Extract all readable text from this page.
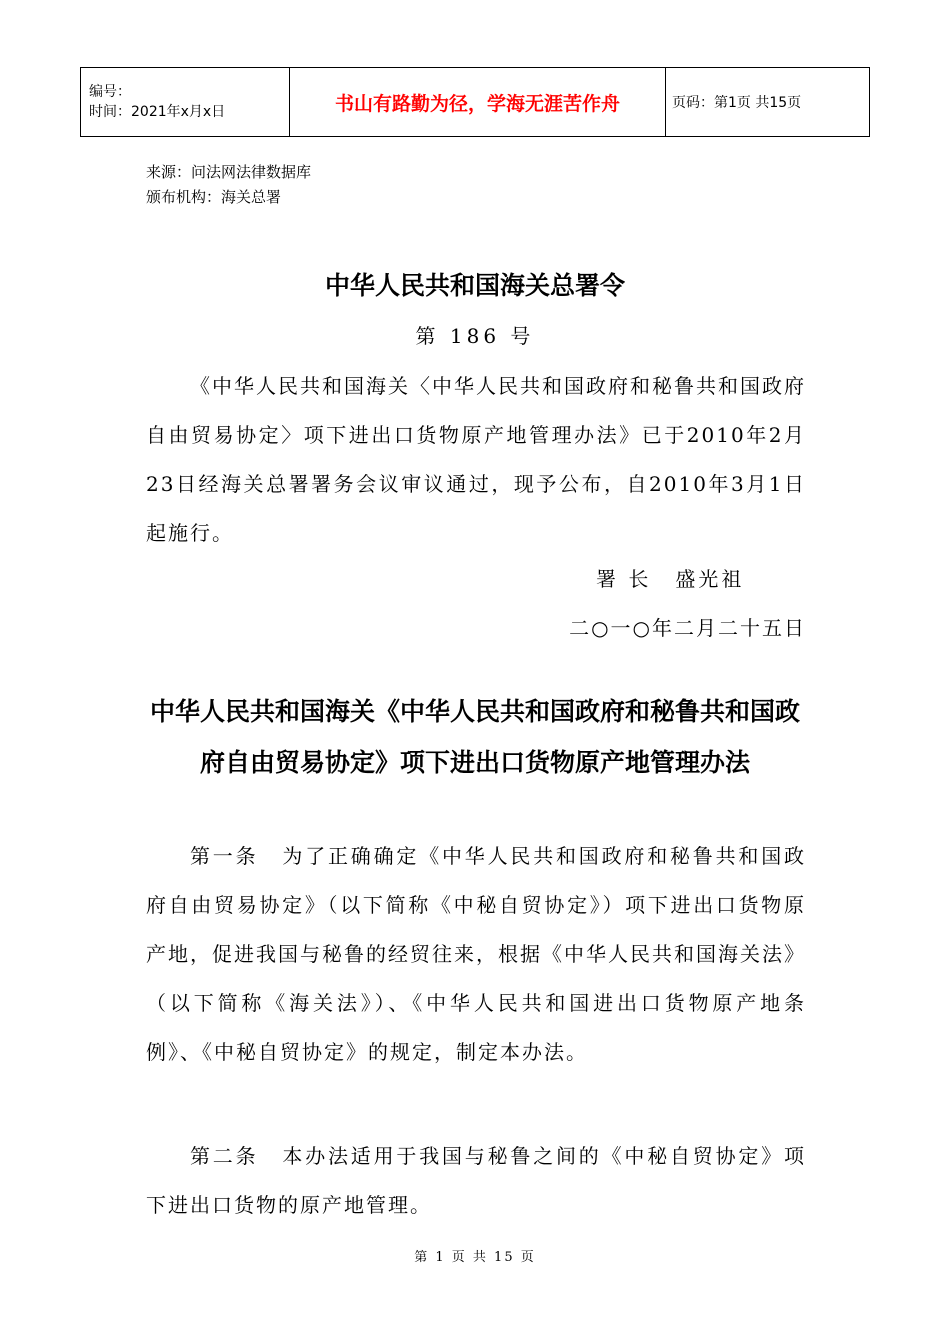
编号：
时间：2021年x月x日	书山有路勤为径，学海无涯苦作舟	页码：第1页 共15页
来源：问法网法律数据库
颁布机构：海关总署
中华人民共和国海关总署令
第 186 号
《中华人民共和国海关〈中华人民共和国政府和秘鲁共和国政府自由贸易协定〉项下进出口货物原产地管理办法》已于2010年2月23日经海关总署署务会议审议通过，现予公布，自2010年3月1日起施行。
署 长 盛光祖
二○一○年二月二十五日
中华人民共和国海关《中华人民共和国政府和秘鲁共和国政府自由贸易协定》项下进出口货物原产地管理办法
第一条 为了正确确定《中华人民共和国政府和秘鲁共和国政府自由贸易协定》（以下简称《中秘自贸协定》）项下进出口货物原产地，促进我国与秘鲁的经贸往来，根据《中华人民共和国海关法》（以下简称《海关法》）、《中华人民共和国进出口货物原产地条例》、《中秘自贸协定》的规定，制定本办法。
第二条 本办法适用于我国与秘鲁之间的《中秘自贸协定》项下进出口货物的原产地管理。
第 1 页 共 15 页
